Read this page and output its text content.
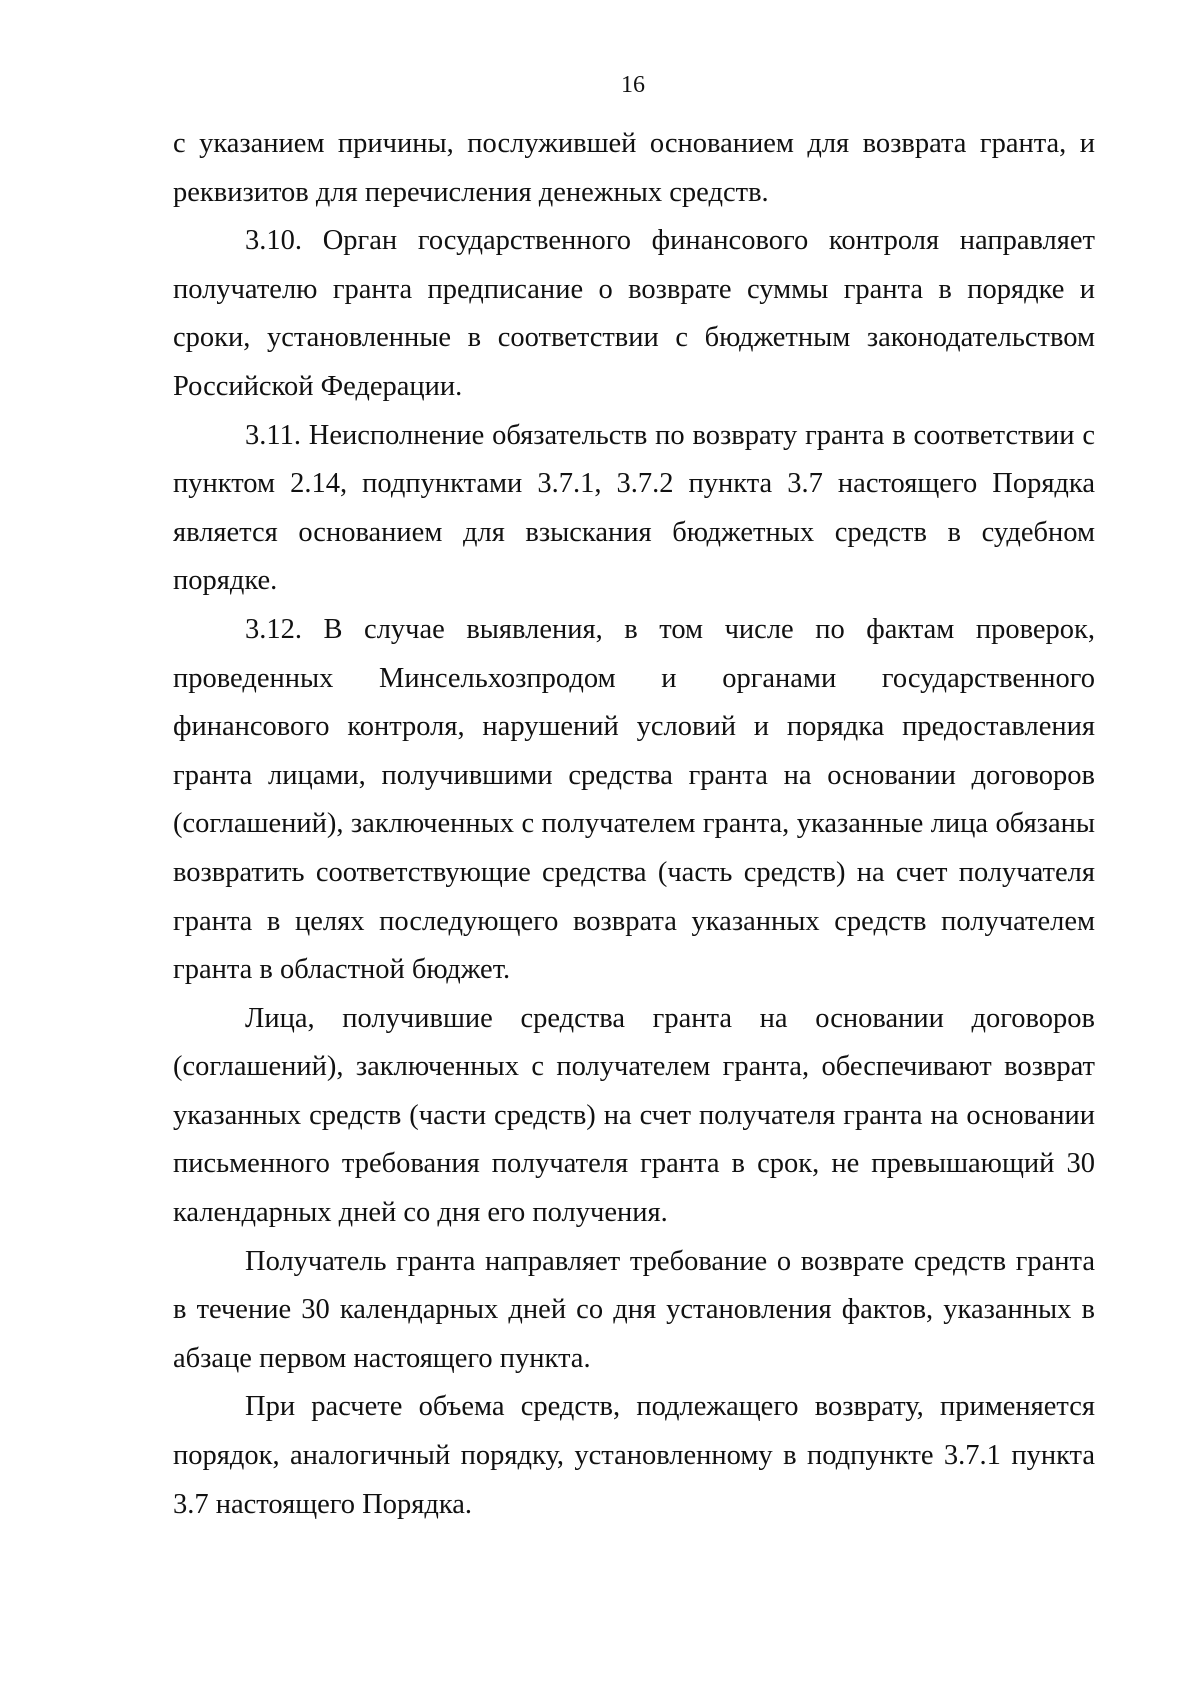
16

с указанием причины, послужившей основанием для возврата гранта, и реквизитов для перечисления денежных средств.

3.10. Орган государственного финансового контроля направляет получателю гранта предписание о возврате суммы гранта в порядке и сроки, установленные в соответствии с бюджетным законодательством Российской Федерации.

3.11. Неисполнение обязательств по возврату гранта в соответствии с пунктом 2.14, подпунктами 3.7.1, 3.7.2 пункта 3.7 настоящего Порядка является основанием для взыскания бюджетных средств в судебном порядке.

3.12. В случае выявления, в том числе по фактам проверок, проведенных Минсельхозпродом и органами государственного финансового контроля, нарушений условий и порядка предоставления гранта лицами, получившими средства гранта на основании договоров (соглашений), заключенных с получателем гранта, указанные лица обязаны возвратить соответствующие средства (часть средств) на счет получателя гранта в целях последующего возврата указанных средств получателем гранта в областной бюджет.

Лица, получившие средства гранта на основании договоров (соглашений), заключенных с получателем гранта, обеспечивают возврат указанных средств (части средств) на счет получателя гранта на основании письменного требования получателя гранта в срок, не превышающий 30 календарных дней со дня его получения.

Получатель гранта направляет требование о возврате средств гранта в течение 30 календарных дней со дня установления фактов, указанных в абзаце первом настоящего пункта.

При расчете объема средств, подлежащего возврату, применяется порядок, аналогичный порядку, установленному в подпункте 3.7.1 пункта 3.7 настоящего Порядка.
